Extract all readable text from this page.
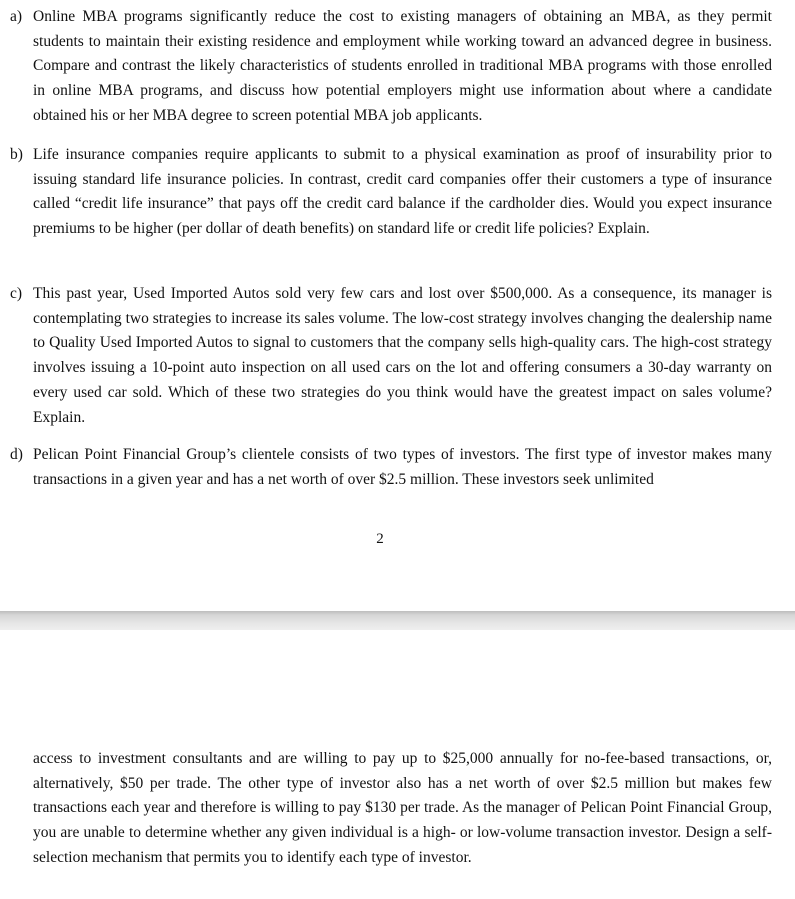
a) Online MBA programs significantly reduce the cost to existing managers of obtaining an MBA, as they permit students to maintain their existing residence and employment while working toward an advanced degree in business. Compare and contrast the likely characteristics of students enrolled in traditional MBA programs with those enrolled in online MBA programs, and discuss how potential employers might use information about where a candidate obtained his or her MBA degree to screen potential MBA job applicants.
b) Life insurance companies require applicants to submit to a physical examination as proof of insurability prior to issuing standard life insurance policies. In contrast, credit card companies offer their customers a type of insurance called “credit life insurance” that pays off the credit card balance if the cardholder dies. Would you expect insurance premiums to be higher (per dollar of death benefits) on standard life or credit life policies? Explain.
c) This past year, Used Imported Autos sold very few cars and lost over $500,000. As a consequence, its manager is contemplating two strategies to increase its sales volume. The low-cost strategy involves changing the dealership name to Quality Used Imported Autos to signal to customers that the company sells high-quality cars. The high-cost strategy involves issuing a 10-point auto inspection on all used cars on the lot and offering consumers a 30-day warranty on every used car sold. Which of these two strategies do you think would have the greatest impact on sales volume? Explain.
d) Pelican Point Financial Group’s clientele consists of two types of investors. The first type of investor makes many transactions in a given year and has a net worth of over $2.5 million. These investors seek unlimited
2
access to investment consultants and are willing to pay up to $25,000 annually for no-fee-based transactions, or, alternatively, $50 per trade. The other type of investor also has a net worth of over $2.5 million but makes few transactions each year and therefore is willing to pay $130 per trade. As the manager of Pelican Point Financial Group, you are unable to determine whether any given individual is a high- or low-volume transaction investor. Design a self-selection mechanism that permits you to identify each type of investor.
